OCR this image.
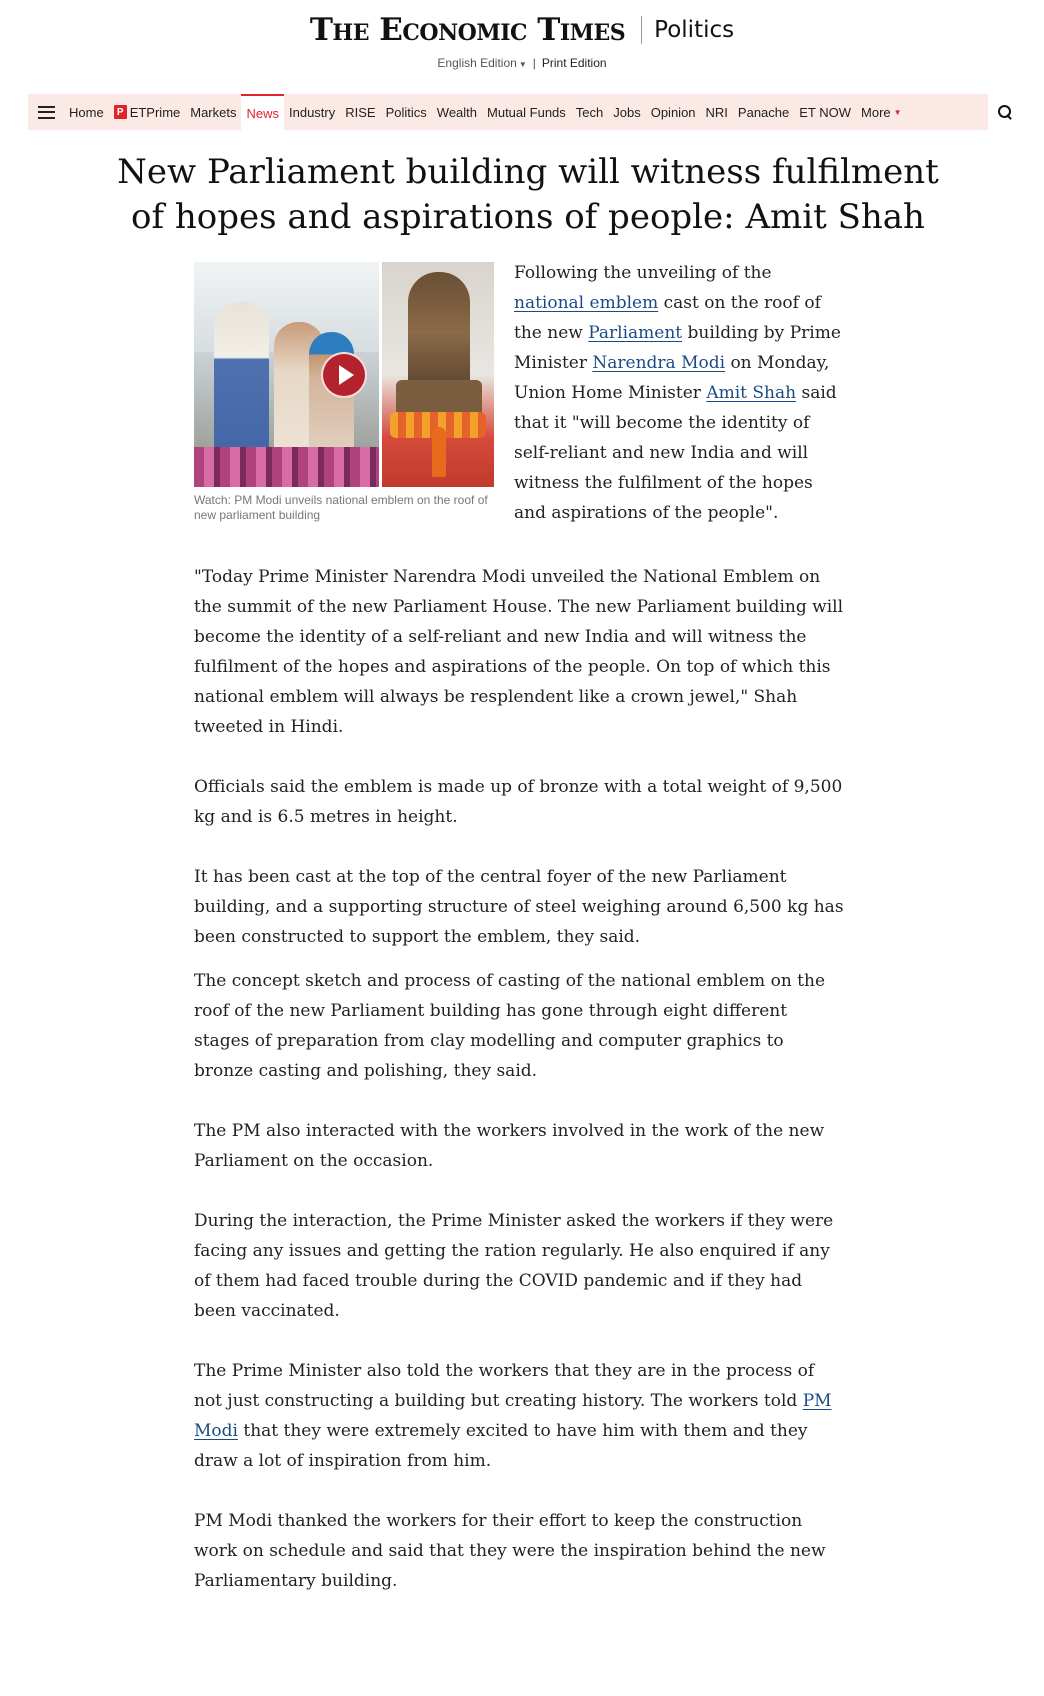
The Economic Times Politics
English Edition ▼ | Print Edition
Home	P ETPrime Markets News Industry RISE Politics Wealth Mutual Funds Tech Jobs Opinion NRI Panache ET NOW More ▼
New Parliament building will witness fulfilment of hopes and aspirations of people: Amit Shah
Watch: PM Modi unveils national emblem on the roof of new parliament building

Following the unveiling of the national emblem cast on the roof of the new Parliament building by Prime Minister Narendra Modi on Monday, Union Home Minister Amit Shah said that it "will become the identity of self-reliant and new India and will witness the fulfilment of the hopes and aspirations of the people".

"Today Prime Minister Narendra Modi unveiled the National Emblem on the summit of the new Parliament House. The new Parliament building will become the identity of a self-reliant and new India and will witness the fulfilment of the hopes and aspirations of the people. On top of which this national emblem will always be resplendent like a crown jewel," Shah tweeted in Hindi.

Officials said the emblem is made up of bronze with a total weight of 9,500 kg and is 6.5 metres in height.

It has been cast at the top of the central foyer of the new Parliament building, and a supporting structure of steel weighing around 6,500 kg has been constructed to support the emblem, they said.

The concept sketch and process of casting of the national emblem on the roof of the new Parliament building has gone through eight different stages of preparation from clay modelling and computer graphics to bronze casting and polishing, they said.

The PM also interacted with the workers involved in the work of the new Parliament on the occasion.

During the interaction, the Prime Minister asked the workers if they were facing any issues and getting the ration regularly. He also enquired if any of them had faced trouble during the COVID pandemic and if they had been vaccinated.

The Prime Minister also told the workers that they are in the process of not just constructing a building but creating history. The workers told PM Modi that they were extremely excited to have him with them and they draw a lot of inspiration from him.

PM Modi thanked the workers for their effort to keep the construction work on schedule and said that they were the inspiration behind the new Parliamentary building.
